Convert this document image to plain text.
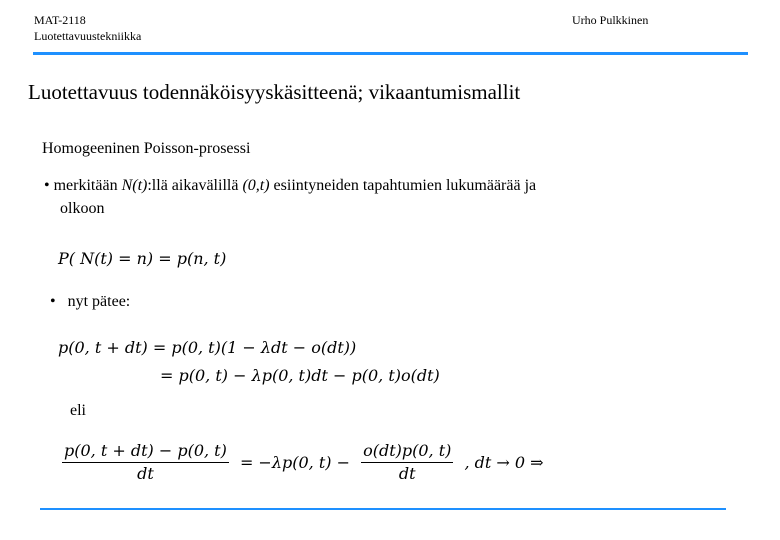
MAT-2118
Luotettavuustekniikka
Urho Pulkkinen
Luotettavuus todennäköisyyskäsitteenä; vikaantumismallit
Homogeeninen Poisson-prosessi
• merkitään N(t):llä aikavälillä (0,t) esiintyneiden tapahtumien lukumäärää ja
olkoon
P( N(t) = n) = p(n, t)
• nyt pätee:
p(0, t + dt) = p(0, t)(1 − λdt − o(dt))
= p(0, t) − λp(0, t)dt − p(0, t)o(dt)
eli
$\frac{p(0, t + dt) - p(0, t)}{dt} = -\lambda p(0$, $t) - \frac{o(dt)p(0, t)}{dt}$ , dt → 0 ⇒
